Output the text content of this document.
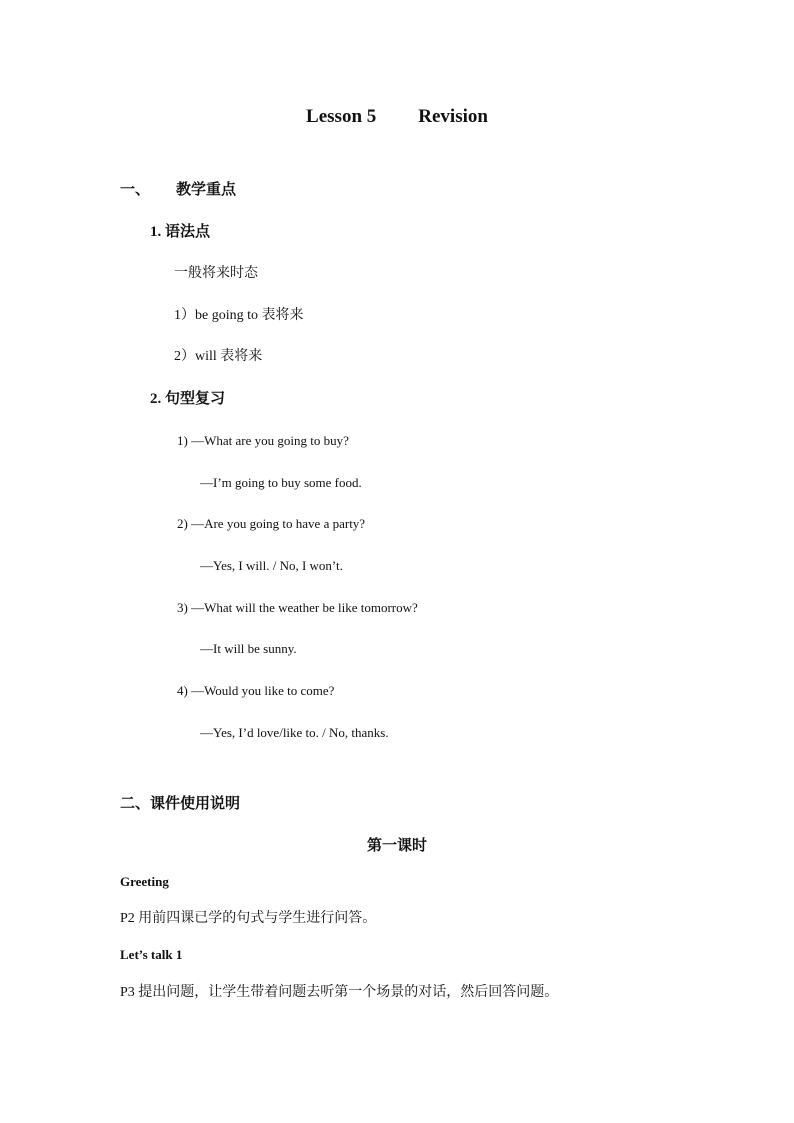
Lesson 5 Revision
一、 教学重点
1. 语法点
一般将来时态
1）be going to 表将来
2）will 表将来
2. 句型复习
1) —What are you going to buy?
—I’m going to buy some food.
2) —Are you going to have a party?
—Yes, I will. / No, I won’t.
3) —What will the weather be like tomorrow?
—It will be sunny.
4) —Would you like to come?
—Yes, I’d love/like to. / No, thanks.
二、课件使用说明
第一课时
Greeting
P2 用前四课已学的句式与学生进行问答。
Let’s talk 1
P3 提出问题，让学生带着问题去听第一个场景的对话，然后回答问题。
